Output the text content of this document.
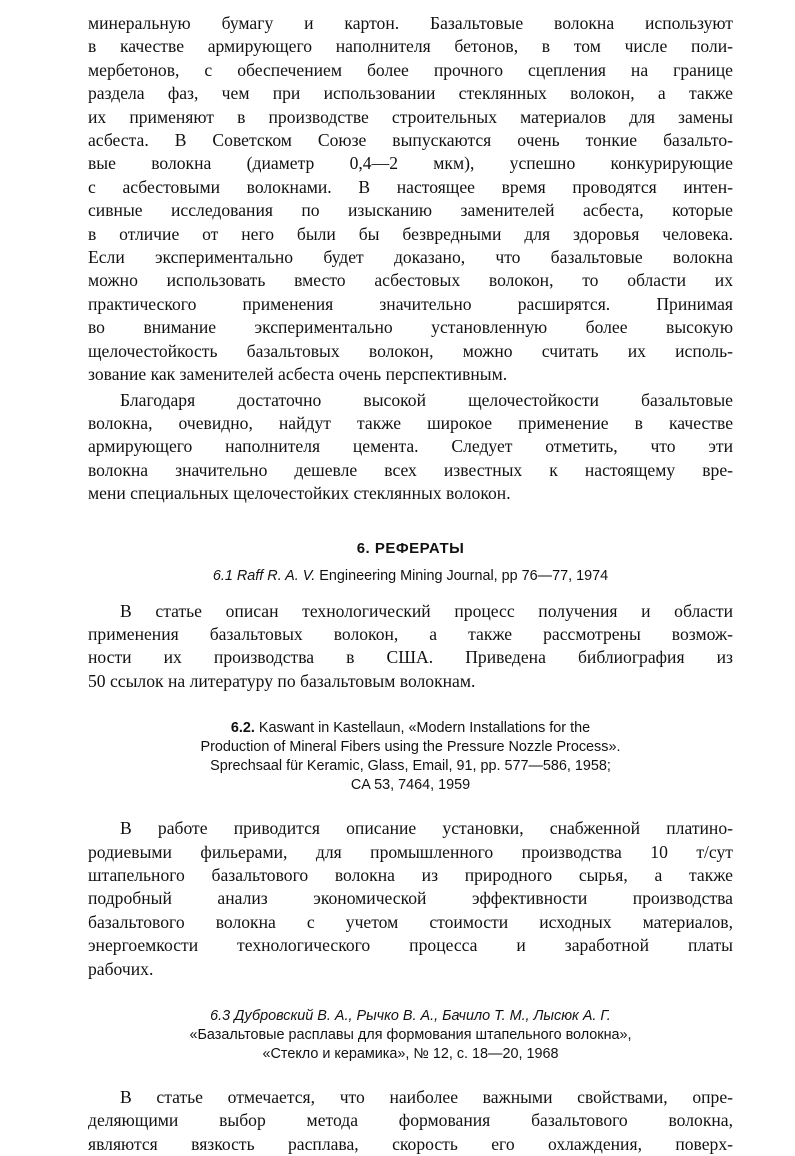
минеральную бумагу и картон. Базальтовые волокна используют
в качестве армирующего наполнителя бетонов, в том числе поли-
мербетонов, с обеспечением более прочного сцепления на границе
раздела фаз, чем при использовании стеклянных волокон, а также
их применяют в производстве строительных материалов для замены
асбеста. В Советском Союзе выпускаются очень тонкие базальто-
вые волокна (диаметр 0,4—2 мкм), успешно конкурирующие
с асбестовыми волокнами. В настоящее время проводятся интен-
сивные исследования по изысканию заменителей асбеста, которые
в отличие от него были бы безвредными для здоровья человека.
Если экспериментально будет доказано, что базальтовые волокна
можно использовать вместо асбестовых волокон, то области их
практического применения значительно расширятся. Принимая
во внимание экспериментально установленную более высокую
щелочестойкость базальтовых волокон, можно считать их исполь-
зование как заменителей асбеста очень перспективным.
Благодаря достаточно высокой щелочестойкости базальтовые
волокна, очевидно, найдут также широкое применение в качестве
армирующего наполнителя цемента. Следует отметить, что эти
волокна значительно дешевле всех известных к настоящему вре-
мени специальных щелочестойких стеклянных волокон.
6. РЕФЕРАТЫ
6.1 Raff R. A. V. Engineering Mining Journal, pp 76—77, 1974
В статье описан технологический процесс получения и области
применения базальтовых волокон, а также рассмотрены возмож-
ности их производства в США. Приведена библиография из
50 ссылок на литературу по базальтовым волокнам.
6.2. Kaswant in Kastellaun, «Modern Installations for the
Production of Mineral Fibers using the Pressure Nozzle Process».
Sprechsaal für Keramic, Glass, Email, 91, pp. 577—586, 1958;
CA 53, 7464, 1959
В работе приводится описание установки, снабженной платино-
родиевыми фильерами, для промышленного производства 10 т/сут
штапельного базальтового волокна из природного сырья, а также
подробный анализ экономической эффективности производства
базальтового волокна с учетом стоимости исходных материалов,
энергоемкости технологического процесса и заработной платы
рабочих.
6.3 Дубровский В. А., Рычко В. А., Бачило Т. М., Лысюк А. Г.
«Базальтовые расплавы для формования штапельного волокна»,
«Стекло и керамика», № 12, с. 18—20, 1968
В статье отмечается, что наиболее важными свойствами, опре-
деляющими выбор метода формования базальтового волокна,
являются вязкость расплава, скорость его охлаждения, поверх-
